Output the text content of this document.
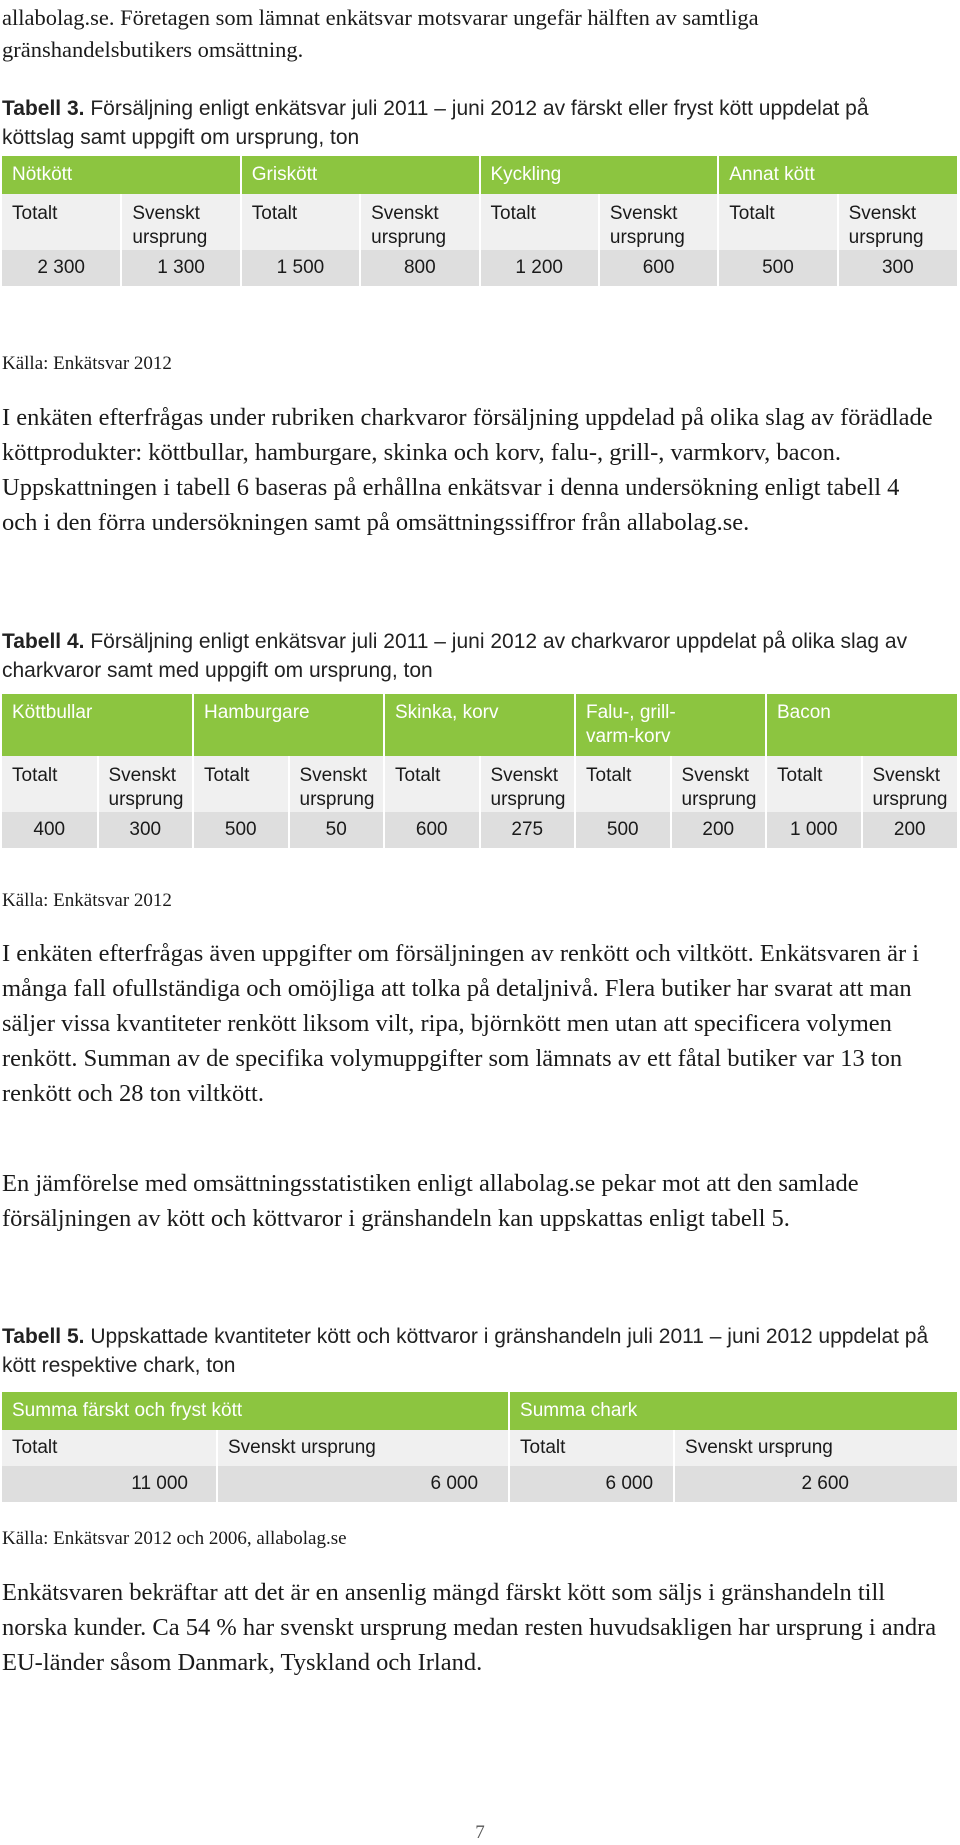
allabolag.se. Företagen som lämnat enkätsvar motsvarar ungefär hälften av samtliga gränshandelsbutikers omsättning.

Tabell 3. Försäljning enligt enkätsvar juli 2011 – juni 2012 av färskt eller fryst kött uppdelat på köttslag samt uppgift om ursprung, ton

Nötkött		Griskött		Kyckling		Annat kött	
Totalt	Svenskt ursprung	Totalt	Svenskt ursprung	Totalt	Svenskt ursprung	Totalt	Svenskt ursprung
2 300	1 300	1 500	800	1 200	600	500	300

Källa: Enkätsvar 2012

I enkäten efterfrågas under rubriken charkvaror försäljning uppdelad på olika slag av förädlade köttprodukter: köttbullar, hamburgare, skinka och korv, falu-, grill-, varmkorv, bacon. Uppskattningen i tabell 6 baseras på erhållna enkätsvar i denna undersökning enligt tabell 4 och i den förra undersökningen samt på omsättningssiffror från allabolag.se.

Tabell 4. Försäljning enligt enkätsvar juli 2011 – juni 2012 av charkvaror uppdelat på olika slag av charkvaror samt med uppgift om ursprung, ton

Köttbullar		Hamburgare		Skinka, korv		Falu-, grill-varm-korv		Bacon	
Totalt	Svenskt ursprung	Totalt	Svenskt ursprung	Totalt	Svenskt ursprung	Totalt	Svenskt ursprung	Totalt	Svenskt ursprung
400	300	500	50	600	275	500	200	1 000	200

Källa: Enkätsvar 2012

I enkäten efterfrågas även uppgifter om försäljningen av renkött och viltkött. Enkätsvaren är i många fall ofullständiga och omöjliga att tolka på detaljnivå. Flera butiker har svarat att man säljer vissa kvantiteter renkött liksom vilt, ripa, björnkött men utan att specificera volymen renkött. Summan av de specifika volymuppgifter som lämnats av ett fåtal butiker var 13 ton renkött och 28 ton viltkött.

En jämförelse med omsättningsstatistiken enligt allabolag.se pekar mot att den samlade försäljningen av kött och köttvaror i gränshandeln kan uppskattas enligt tabell 5.

Tabell 5. Uppskattade kvantiteter kött och köttvaror i gränshandeln juli 2011 – juni 2012 uppdelat på kött respektive chark, ton

Summa färskt och fryst kött		Summa chark	
Totalt	Svenskt ursprung	Totalt	Svenskt ursprung
11 000	6 000	6 000	2 600

Källa: Enkätsvar 2012 och 2006, allabolag.se

Enkätsvaren bekräftar att det är en ansenlig mängd färskt kött som säljs i gränshandeln till norska kunder. Ca 54 % har svenskt ursprung medan resten huvudsakligen har ursprung i andra EU-länder såsom Danmark, Tyskland och Irland.

7
